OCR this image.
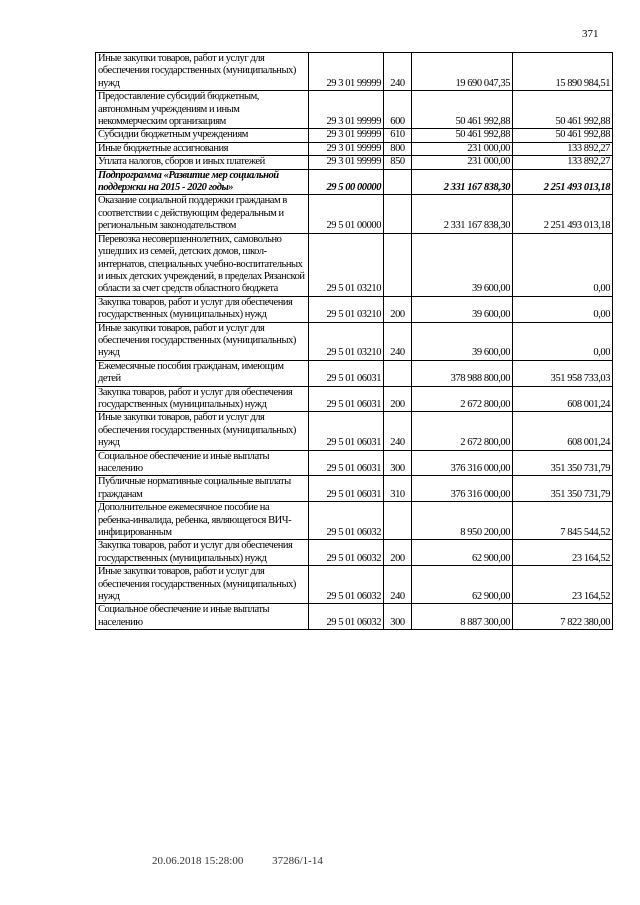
371
Иные закупки товаров, работ и услуг для обеспечения государственных (муниципальных) нужд	29 3 01 99999	240	19 690 047,35	15 890 984,51
Предоставление субсидий бюджетным, автономным учреждениям и иным некоммерческим организациям	29 3 01 99999	600	50 461 992,88	50 461 992,88
Субсидии бюджетным учреждениям	29 3 01 99999	610	50 461 992,88	50 461 992,88
Иные бюджетные ассигнования	29 3 01 99999	800	231 000,00	133 892,27
Уплата налогов, сборов и иных платежей	29 3 01 99999	850	231 000,00	133 892,27
Подпрограмма «Развитие мер социальной поддержки на 2015 - 2020 годы»	29 5 00 00000		2 331 167 838,30	2 251 493 013,18
Оказание социальной поддержки гражданам в соответствии с действующим федеральным и региональным законодательством	29 5 01 00000		2 331 167 838,30	2 251 493 013,18
Перевозка несовершеннолетних, самовольно ушедших из семей, детских домов, школ-интернатов, специальных учебно-воспитательных и иных детских учреждений, в пределах Рязанской области за счет средств областного бюджета	29 5 01 03210		39 600,00	0,00
Закупка товаров, работ и услуг для обеспечения государственных (муниципальных) нужд	29 5 01 03210	200	39 600,00	0,00
Иные закупки товаров, работ и услуг для обеспечения государственных (муниципальных) нужд	29 5 01 03210	240	39 600,00	0,00
Ежемесячные пособия гражданам, имеющим детей	29 5 01 06031		378 988 800,00	351 958 733,03
Закупка товаров, работ и услуг для обеспечения государственных (муниципальных) нужд	29 5 01 06031	200	2 672 800,00	608 001,24
Иные закупки товаров, работ и услуг для обеспечения государственных (муниципальных) нужд	29 5 01 06031	240	2 672 800,00	608 001,24
Социальное обеспечение и иные выплаты населению	29 5 01 06031	300	376 316 000,00	351 350 731,79
Публичные нормативные социальные выплаты гражданам	29 5 01 06031	310	376 316 000,00	351 350 731,79
Дополнительное ежемесячное пособие на ребенка-инвалида, ребенка, являющегося ВИЧ-инфицированным	29 5 01 06032		8 950 200,00	7 845 544,52
Закупка товаров, работ и услуг для обеспечения государственных (муниципальных) нужд	29 5 01 06032	200	62 900,00	23 164,52
Иные закупки товаров, работ и услуг для обеспечения государственных (муниципальных) нужд	29 5 01 06032	240	62 900,00	23 164,52
Социальное обеспечение и иные выплаты населению	29 5 01 06032	300	8 887 300,00	7 822 380,00
20.06.2018 15:28:00	37286/1-14
